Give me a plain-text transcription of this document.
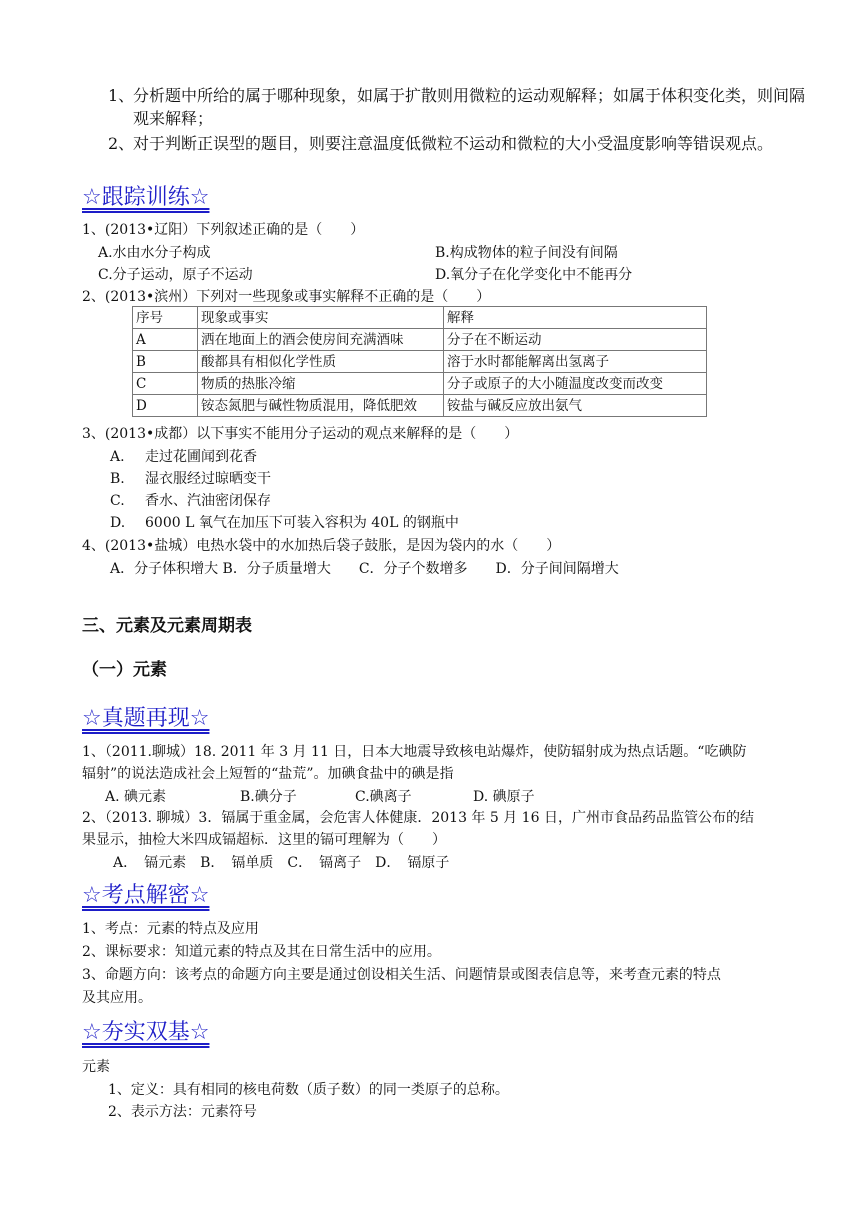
1、
分析题中所给的属于哪种现象，如属于扩散则用微粒的运动观解释；如属于体积变化类，则间隔观来解释；
2、
对于判断正误型的题目，则要注意温度低微粒不运动和微粒的大小受温度影响等错误观点。
☆跟踪训练☆
1、(2013•辽阳）下列叙述正确的是（　　）
A.水由水分子构成	B.构成物体的粒子间没有间隔
C.分子运动，原子不运动	D.氧分子在化学变化中不能再分
2、(2013•滨州）下列对一些现象或事实解释不正确的是（　　）
序号	现象或事实	解释
A	洒在地面上的酒会使房间充满酒味	分子在不断运动
B	酸都具有相似化学性质	溶于水时都能解离出氢离子
C	物质的热胀冷缩	分子或原子的大小随温度改变而改变
D	铵态氮肥与碱性物质混用，降低肥效	铵盐与碱反应放出氨气
3、(2013•成都）以下事实不能用分子运动的观点来解释的是（　　）
A. 走过花圃闻到花香
B. 湿衣服经过晾晒变干
C. 香水、汽油密闭保存
D. 6000 L 氧气在加压下可装入容积为 40L 的钢瓶中
4、(2013•盐城）电热水袋中的水加热后袋子鼓胀，是因为袋内的水（　　）
A．分子体积增大 B．分子质量增大　　C．分子个数增多　　D．分子间间隔增大
三、元素及元素周期表
（一）元素
☆真题再现☆
1、（2011.聊城）18. 2011 年 3 月 11 日，日本大地震导致核电站爆炸，使防辐射成为热点话题。“吃碘防
辐射”的说法造成社会上短暂的“盐荒”。加碘食盐中的碘是指
A. 碘元素	B.碘分子	C.碘离子	D. 碘原子
2、（2013. 聊城）3．镉属于重金属，会危害人体健康．2013 年 5 月 16 日，广州市食品药品监管公布的结
果显示，抽检大米四成镉超标．这里的镉可理解为（　　）
A．　镉元素　B．　镉单质　C．　镉离子　D．　镉原子
☆考点解密☆
1、考点：元素的特点及应用
2、课标要求：知道元素的特点及其在日常生活中的应用。
3、命题方向：该考点的命题方向主要是通过创设相关生活、问题情景或图表信息等，来考查元素的特点
及其应用。
☆夯实双基☆
元素
1、定义：具有相同的核电荷数（质子数）的同一类原子的总称。
2、表示方法：元素符号
